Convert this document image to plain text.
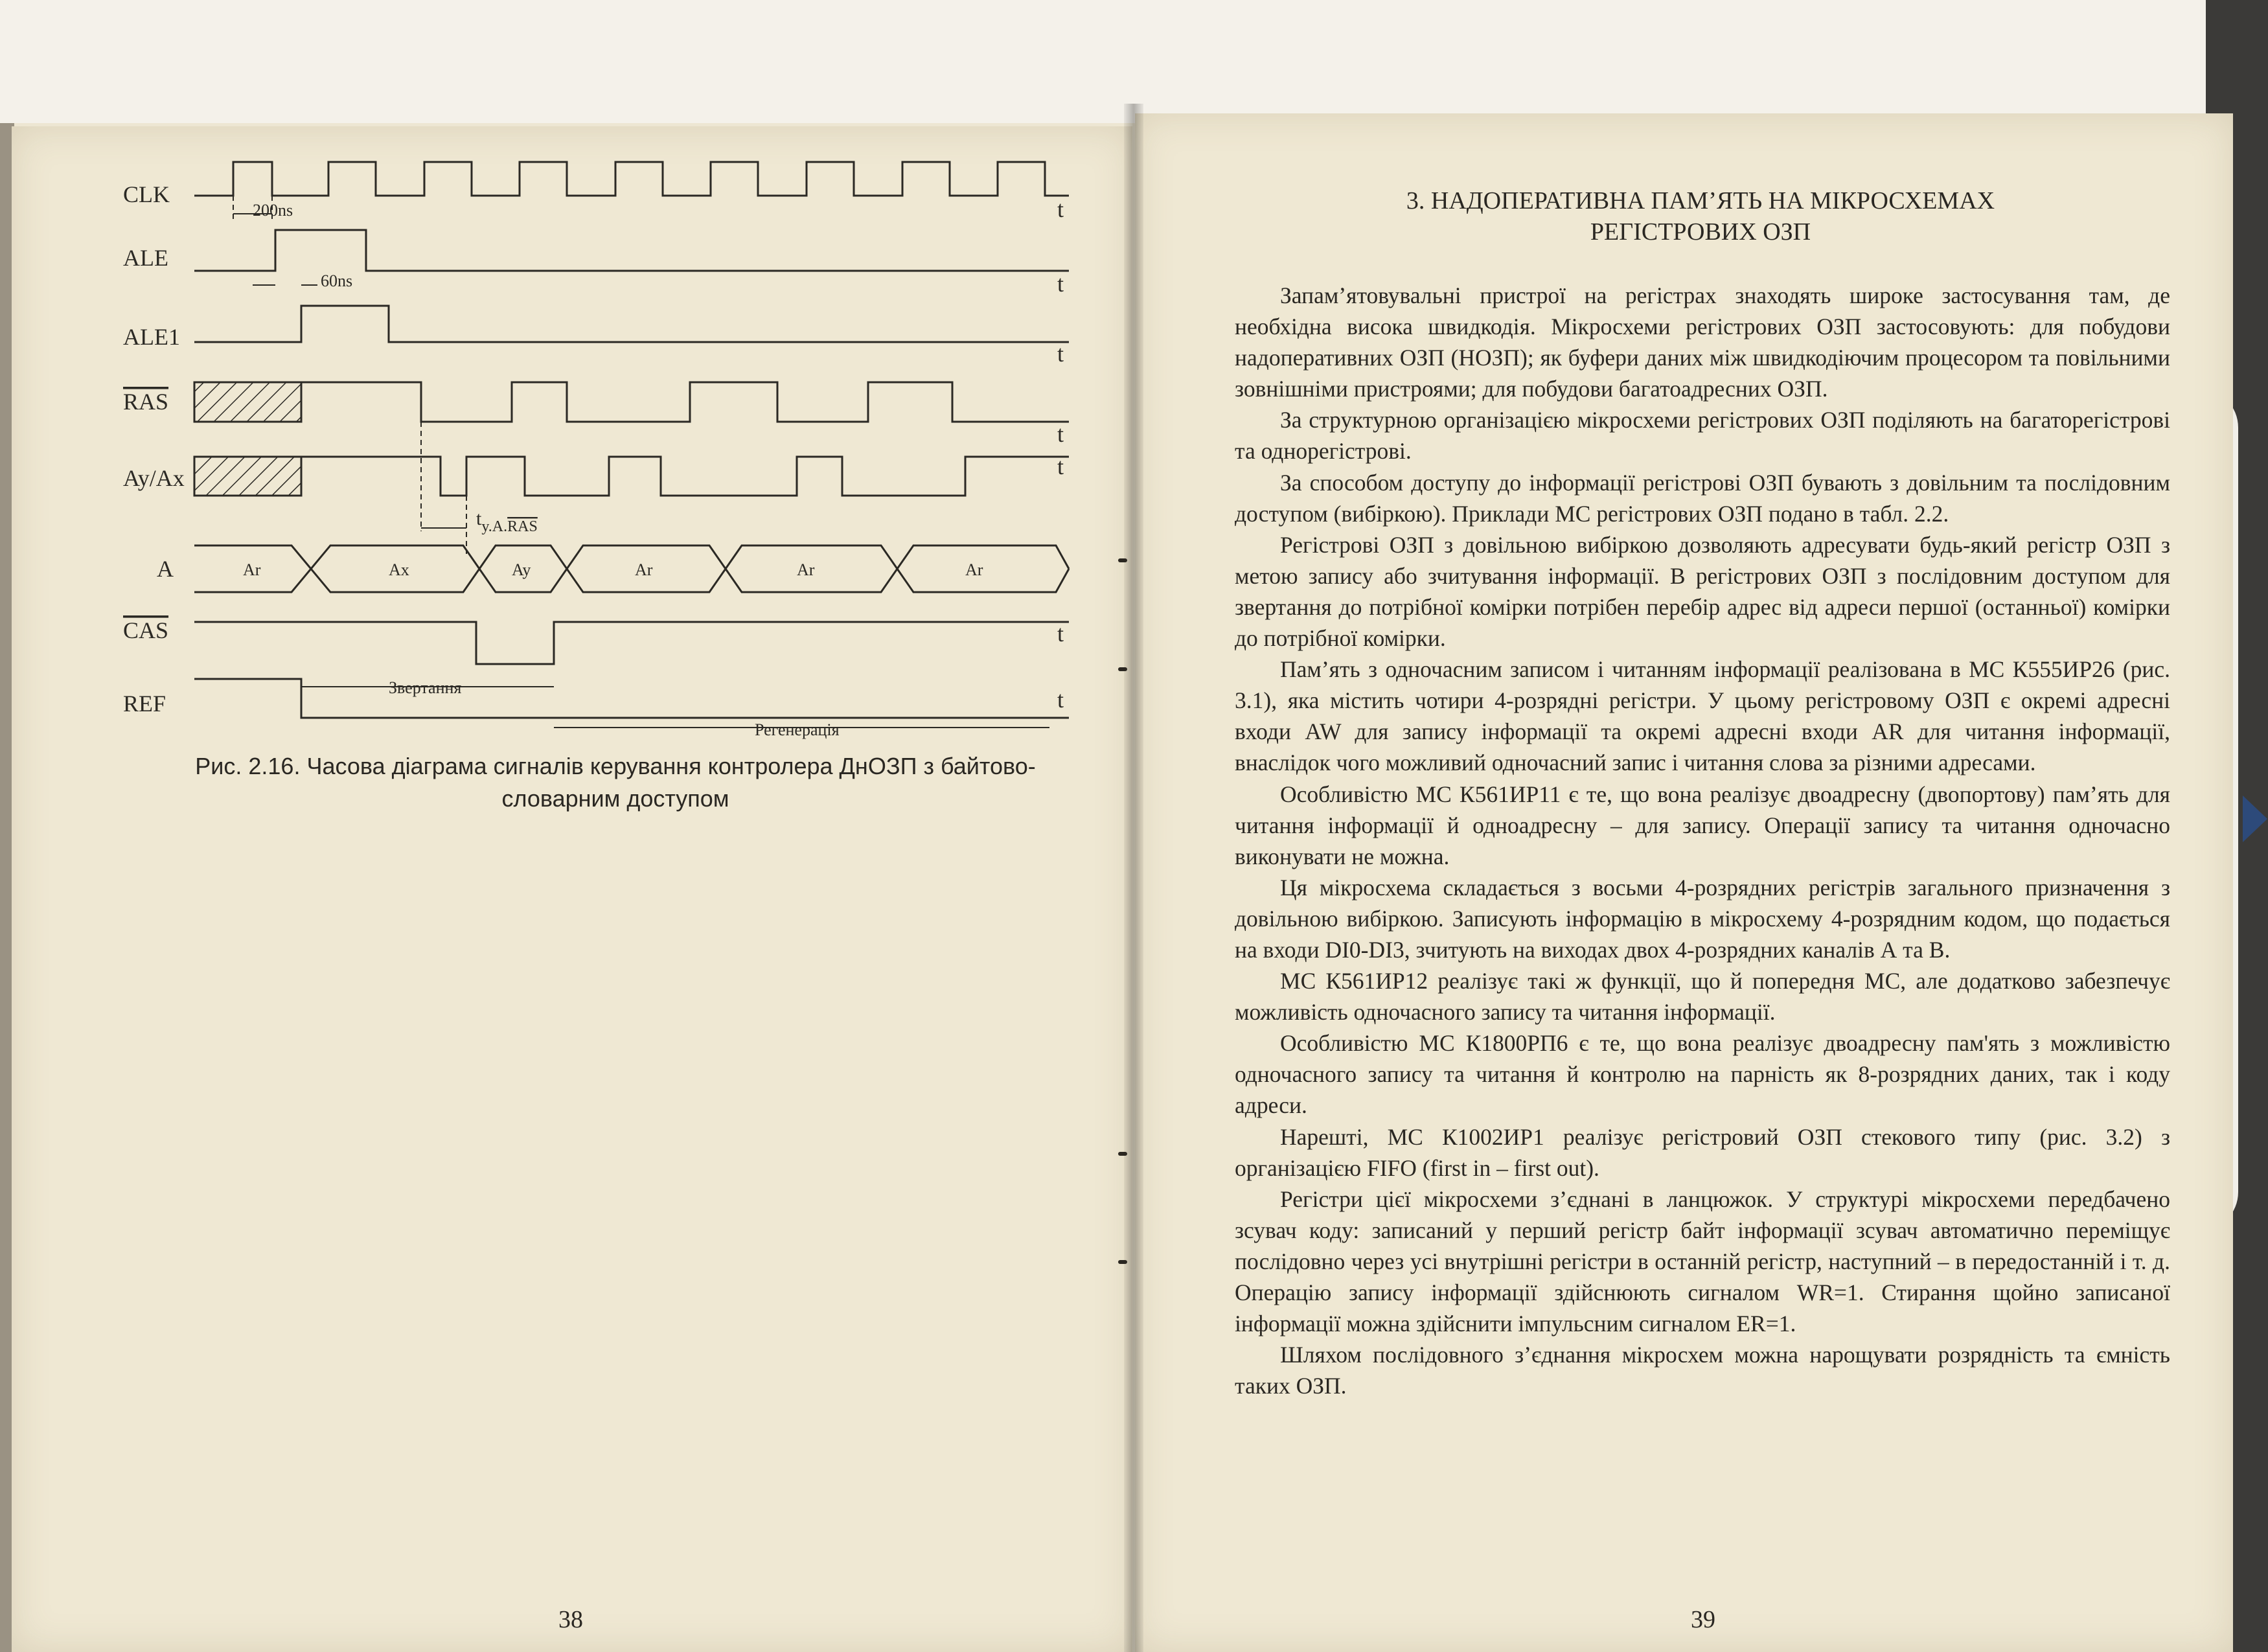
CLK
ALE
ALE1
RAS
Ay/Ax
A
CAS
REF
200ns
60ns
t
t
t
t
t
t
t
Ar	Ax	Ay	Ar	Ar	Ar
$t_{y.A.}RAS$
Звертання
Регенерація
Рис. 2.16. Часова діаграма сигналів керування контролера ДнОЗП з байтово-словарним доступом
38
3. НАДОПЕРАТИВНА ПАМ’ЯТЬ НА МІКРОСХЕМАХ
РЕГІСТРОВИХ ОЗП

Запам’ятовувальні пристрої на регістрах знаходять широке застосування там, де необхідна висока швидкодія. Мікросхеми регістрових ОЗП застосовують: для побудови надоперативних ОЗП (НОЗП); як буфери даних між швидкодіючим процесором та повільними зовнішніми пристроями; для побудови багатоадресних ОЗП.

За структурною організацією мікросхеми регістрових ОЗП поділяють на багаторегістрові та однорегістрові.

За способом доступу до інформації регістрові ОЗП бувають з довільним та послідовним доступом (вибіркою). Приклади МС регістрових ОЗП подано в табл. 2.2.

Регістрові ОЗП з довільною вибіркою дозволяють адресувати будь-який регістр ОЗП з метою запису або зчитування інформації. В регістрових ОЗП з послідовним доступом для звертання до потрібної комірки потрібен перебір адрес від адреси першої (останньої) комірки до потрібної комірки.

Пам’ять з одночасним записом і читанням інформації реалізована в МС К555ИР26 (рис. 3.1), яка містить чотири 4-розрядні регістри. У цьому регістровому ОЗП є окремі адресні входи AW для запису інформації та окремі адресні входи AR для читання інформації, внаслідок чого можливий одночасний запис і читання слова за різними адресами.

Особливістю МС К561ИР11 є те, що вона реалізує двоадресну (двопортову) пам’ять для читання інформації й одноадресну – для запису. Операції запису та читання одночасно виконувати не можна.

Ця мікросхема складається з восьми 4-розрядних регістрів загального призначення з довільною вибіркою. Записують інформацію в мікросхему 4-розрядним кодом, що подається на входи DI0-DI3, зчитують на виходах двох 4-розрядних каналів А та В.

МС К561ИР12 реалізує такі ж функції, що й попередня МС, але додатково забезпечує можливість одночасного запису та читання інформації.

Особливістю МС К1800РП6 є те, що вона реалізує двоадресну пам'ять з можливістю одночасного запису та читання й контролю на парність як 8-розрядних даних, так і коду адреси.

Нарешті, МС К1002ИР1 реалізує регістровий ОЗП стекового типу (рис. 3.2) з організацією FIFO (first in – first out).

Регістри цієї мікросхеми з’єднані в ланцюжок. У структурі мікросхеми передбачено зсувач коду: записаний у перший регістр байт інформації зсувач автоматично переміщує послідовно через усі внутрішні регістри в останній регістр, наступний – в передостанній і т. д. Операцію запису інформації здійснюють сигналом WR=1. Стирання щойно записаної інформації можна здійснити імпульсним сигналом ER=1.

Шляхом послідовного з’єднання мікросхем можна нарощувати розрядність та ємність таких ОЗП.

39
